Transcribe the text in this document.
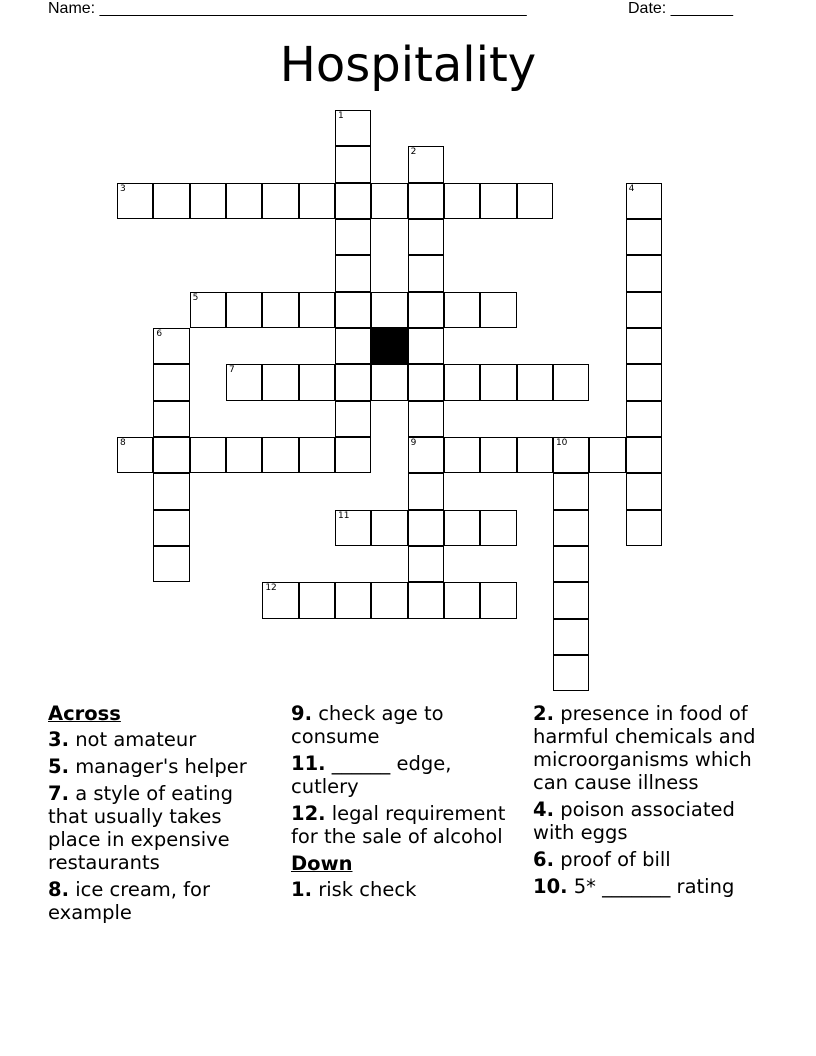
Name: ________________________________________________	Date: _______
Hospitality
1
2
3	4
5
6
7
8	9	10
11
12
Across
3. not amateur
5. manager's helper
7. a style of eating that usually takes place in expensive restaurants
8. ice cream, for example
9. check age to consume
11. ______ edge, cutlery
12. legal requirement for the sale of alcohol
Down
1. risk check
2. presence in food of harmful chemicals and microorganisms which can cause illness
4. poison associated with eggs
6. proof of bill
10. 5* _______ rating
